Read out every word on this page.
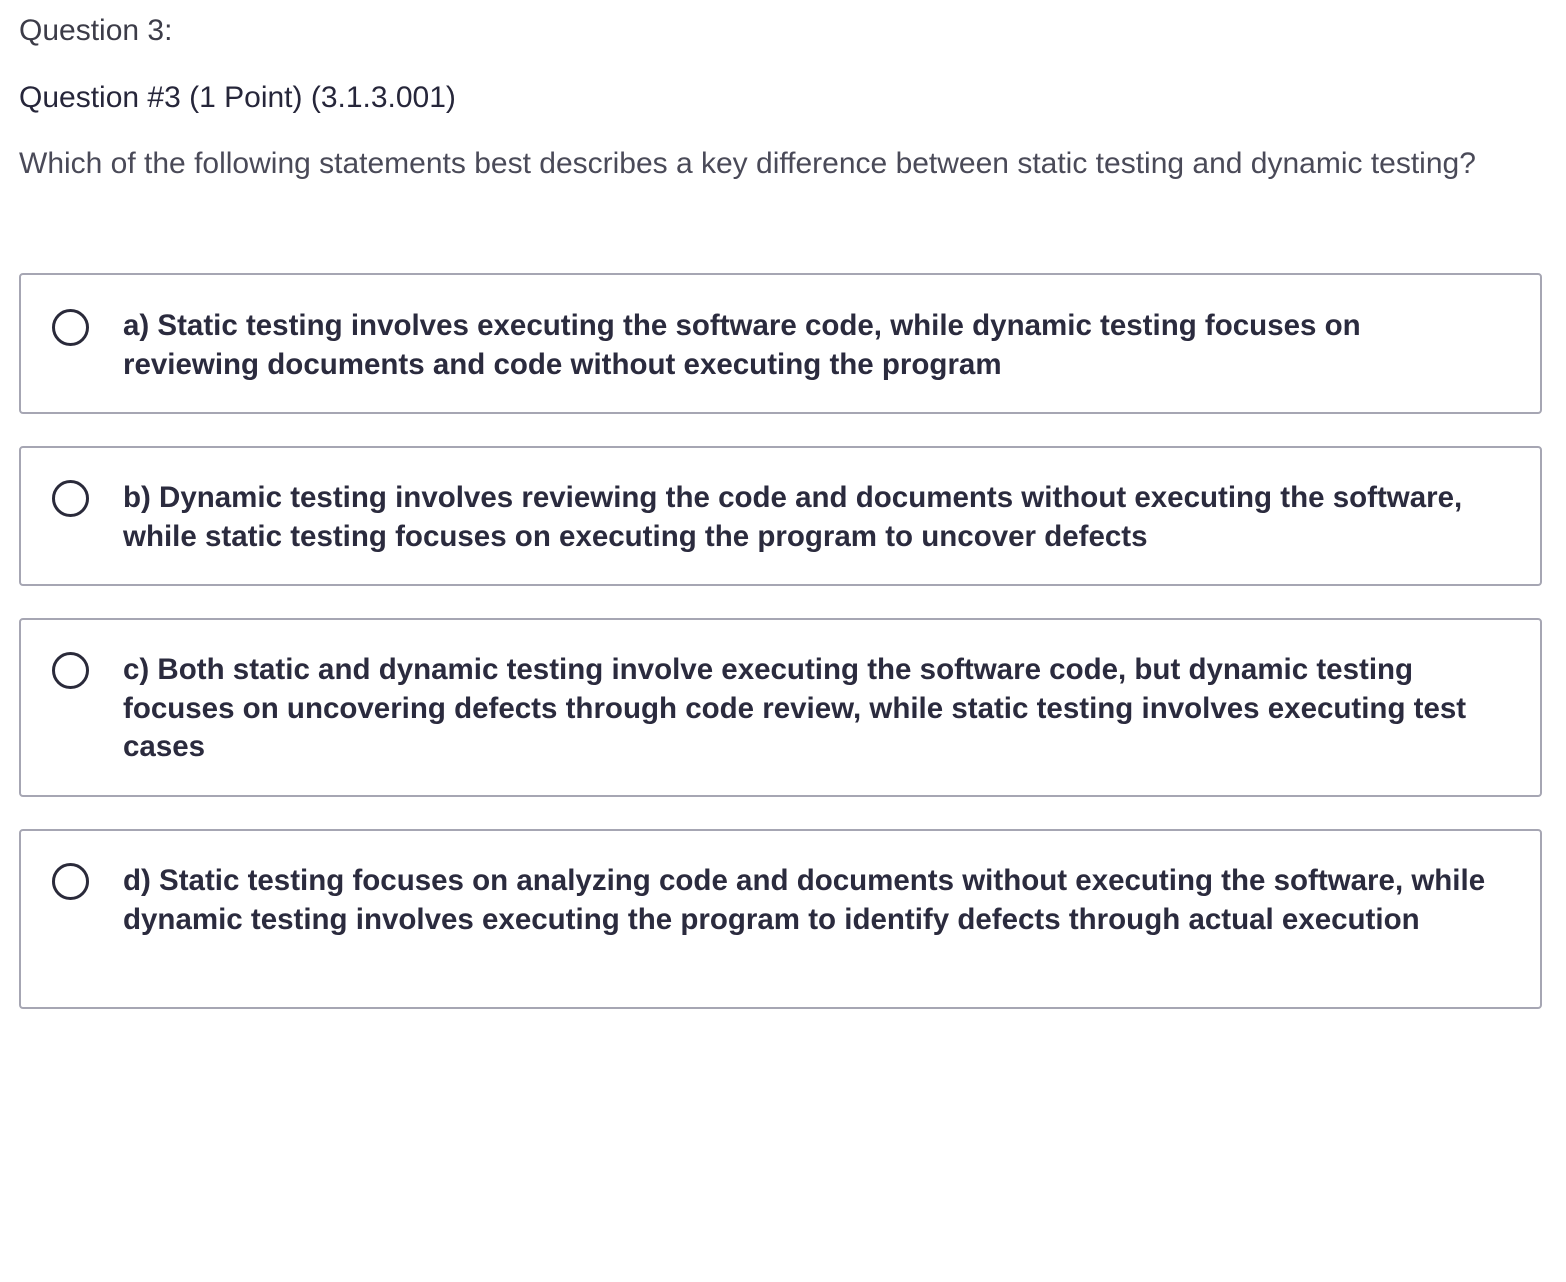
Question 3:
Question #3 (1 Point) (3.1.3.001)
Which of the following statements best describes a key difference between static testing and dynamic testing?
a) Static testing involves executing the software code, while dynamic testing focuses on reviewing documents and code without executing the program
b) Dynamic testing involves reviewing the code and documents without executing the software, while static testing focuses on executing the program to uncover defects
c) Both static and dynamic testing involve executing the software code, but dynamic testing focuses on uncovering defects through code review, while static testing involves executing test cases
d) Static testing focuses on analyzing code and documents without executing the software, while dynamic testing involves executing the program to identify defects through actual execution
